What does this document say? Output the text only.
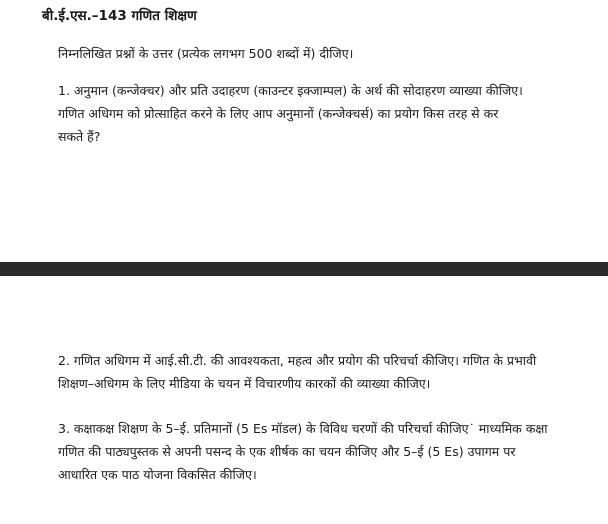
बी.ई.एस.–143 गणित शिक्षण
निम्नलिखित प्रश्नों के उत्तर (प्रत्येक लगभग 500 शब्दों में) दीजिए।
1. अनुमान (कन्जेक्चर) और प्रति उदाहरण (काउन्टर इक्जाम्पल) के अर्थ की सोदाहरण व्याख्या कीजिए।
गणित अधिगम को प्रोत्साहित करने के लिए आप अनुमानों (कन्जेक्चर्स) का प्रयोग किस तरह से कर
सकते हैं?
2. गणित अधिगम में आई.सी.टी. की आवश्यकता, महत्व और प्रयोग की परिचर्चा कीजिए। गणित के प्रभावी
शिक्षण–अधिगम के लिए मीडिया के चयन में विचारणीय कारकों की व्याख्या कीजिए।
3. कक्षाकक्ष शिक्षण के 5–ई. प्रतिमानों (5 Es मॉडल) के विविध चरणों की परिचर्चा कीजिए˙ माध्यमिक कक्षा
गणित की पाठ्यपुस्तक से अपनी पसन्द के एक शीर्षक का चयन कीजिए और 5–ई (5 Es) उपागम पर
आधारित एक पाठ योजना विकसित कीजिए।
